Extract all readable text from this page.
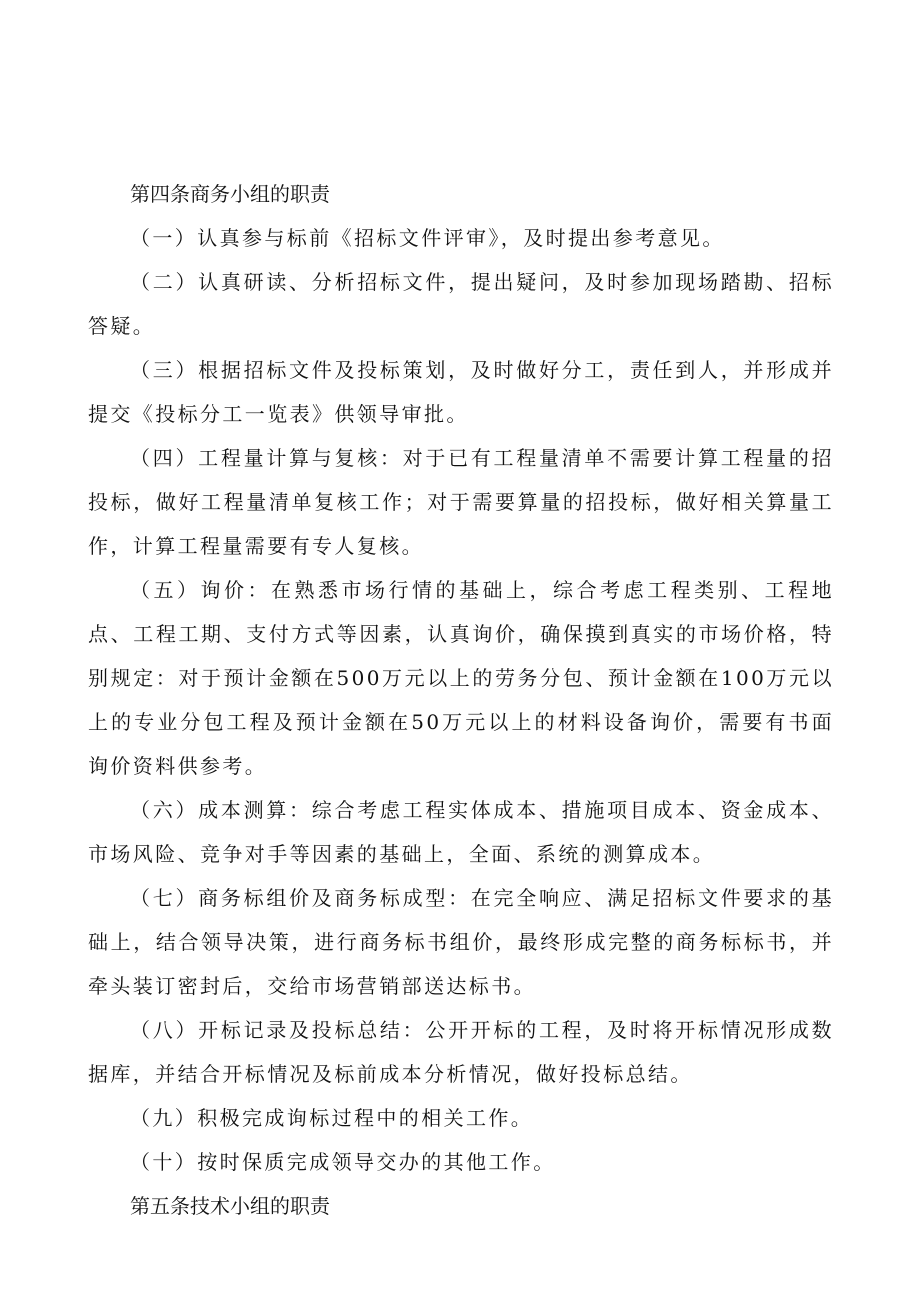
第四条商务小组的职责

（一）认真参与标前《招标文件评审》，及时提出参考意见。

（二）认真研读、分析招标文件，提出疑问，及时参加现场踏勘、招标答疑。

（三）根据招标文件及投标策划，及时做好分工，责任到人，并形成并提交《投标分工一览表》供领导审批。

（四）工程量计算与复核：对于已有工程量清单不需要计算工程量的招投标，做好工程量清单复核工作；对于需要算量的招投标，做好相关算量工作，计算工程量需要有专人复核。

（五）询价：在熟悉市场行情的基础上，综合考虑工程类别、工程地点、工程工期、支付方式等因素，认真询价，确保摸到真实的市场价格，特别规定：对于预计金额在500万元以上的劳务分包、预计金额在100万元以上的专业分包工程及预计金额在50万元以上的材料设备询价，需要有书面询价资料供参考。

（六）成本测算：综合考虑工程实体成本、措施项目成本、资金成本、市场风险、竞争对手等因素的基础上，全面、系统的测算成本。

（七）商务标组价及商务标成型：在完全响应、满足招标文件要求的基础上，结合领导决策，进行商务标书组价，最终形成完整的商务标标书，并牵头装订密封后，交给市场营销部送达标书。

（八）开标记录及投标总结：公开开标的工程，及时将开标情况形成数据库，并结合开标情况及标前成本分析情况，做好投标总结。

（九）积极完成询标过程中的相关工作。

（十）按时保质完成领导交办的其他工作。

第五条技术小组的职责
